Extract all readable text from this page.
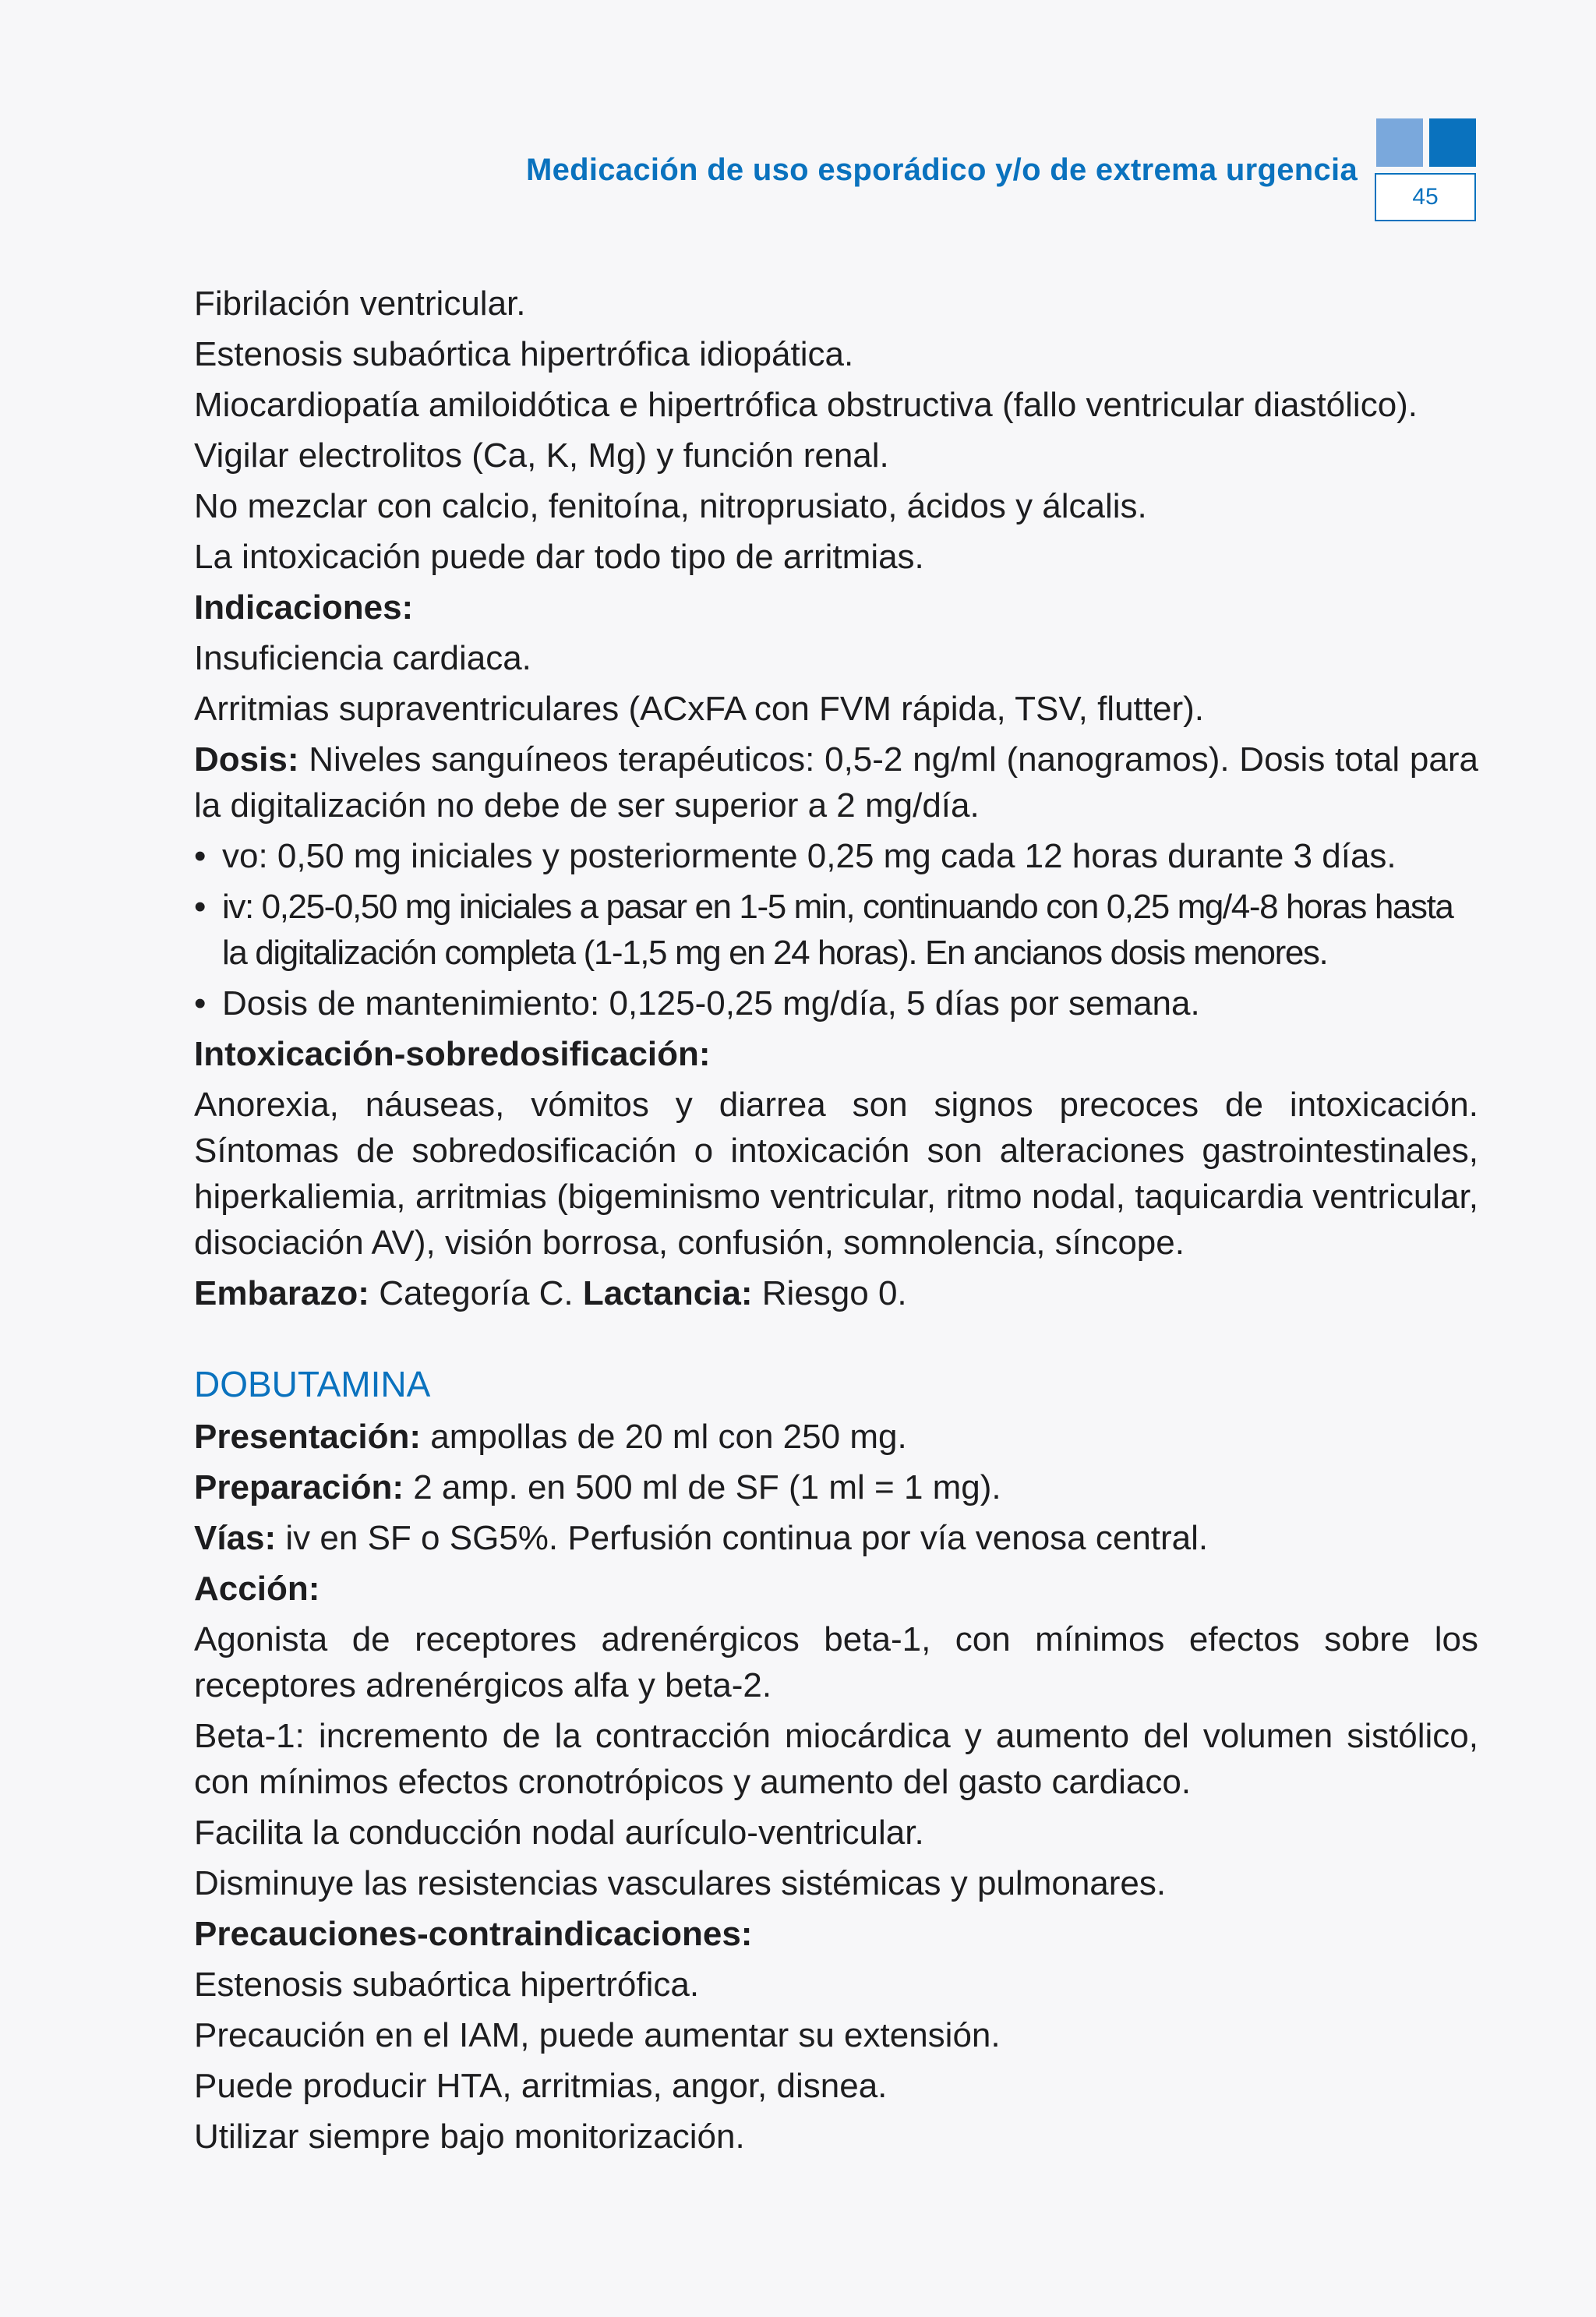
Medicación de uso esporádico y/o de extrema urgencia
45

Fibrilación ventricular.

Estenosis subaórtica hipertrófica idiopática.

Miocardiopatía amiloidótica e hipertrófica obstructiva (fallo ventricular diastólico).

Vigilar electrolitos (Ca, K, Mg) y función renal.

No mezclar con calcio, fenitoína, nitroprusiato, ácidos y álcalis.

La intoxicación puede dar todo tipo de arritmias.

Indicaciones:

Insuficiencia cardiaca.

Arritmias supraventriculares (ACxFA con FVM rápida, TSV, flutter).

Dosis: Niveles sanguíneos terapéuticos: 0,5-2 ng/ml (nanogramos). Dosis total para la digitalización no debe de ser superior a 2 mg/día.

• vo: 0,50 mg iniciales y posteriormente 0,25 mg cada 12 horas durante 3 días.
• iv: 0,25-0,50 mg iniciales a pasar en 1-5 min, continuando con 0,25 mg/4-8 horas hasta la digitalización completa (1-1,5 mg en 24 horas). En ancianos dosis menores.
• Dosis de mantenimiento: 0,125-0,25 mg/día, 5 días por semana.

Intoxicación-sobredosificación:

Anorexia, náuseas, vómitos y diarrea son signos precoces de intoxicación. Síntomas de sobredosificación o intoxicación son alteraciones gastrointestinales, hiperkaliemia, arritmias (bigeminismo ventricular, ritmo nodal, taquicardia ventricular, disociación AV), visión borrosa, confusión, somnolencia, síncope.

Embarazo: Categoría C. Lactancia: Riesgo 0.

DOBUTAMINA

Presentación: ampollas de 20 ml con 250 mg.

Preparación: 2 amp. en 500 ml de SF (1 ml = 1 mg).

Vías: iv en SF o SG5%. Perfusión continua por vía venosa central.

Acción:

Agonista de receptores adrenérgicos beta-1, con mínimos efectos sobre los receptores adrenérgicos alfa y beta-2.

Beta-1: incremento de la contracción miocárdica y aumento del volumen sistólico, con mínimos efectos cronotrópicos y aumento del gasto cardiaco.

Facilita la conducción nodal aurículo-ventricular.

Disminuye las resistencias vasculares sistémicas y pulmonares.

Precauciones-contraindicaciones:

Estenosis subaórtica hipertrófica.

Precaución en el IAM, puede aumentar su extensión.

Puede producir HTA, arritmias, angor, disnea.

Utilizar siempre bajo monitorización.
